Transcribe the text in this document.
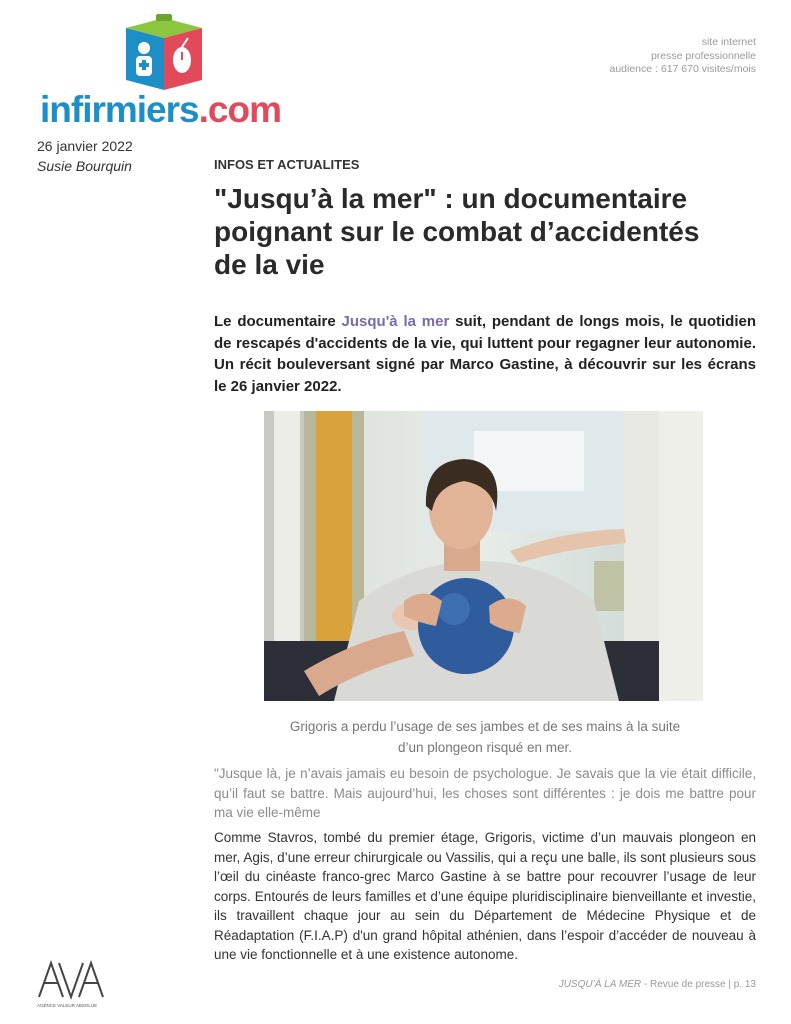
infirmiers.com
site internet
presse professionnelle
audience : 617 670 visites/mois
26 janvier 2022
Susie Bourquin	INFOS ET ACTUALITES
"Jusqu’à la mer" : un documentaire poignant sur le combat d’accidentés de la vie

Le documentaire Jusqu'à la mer suit, pendant de longs mois, le quotidien de rescapés d'accidents de la vie, qui luttent pour regagner leur autonomie. Un récit bouleversant signé par Marco Gastine, à découvrir sur les écrans le 26 janvier 2022.

Grigoris a perdu l’usage de ses jambes et de ses mains à la suite
d’un plongeon risqué en mer.

"Jusque là, je n’avais jamais eu besoin de psychologue. Je savais que la vie était difficile, qu’il faut se battre. Mais aujourd’hui, les choses sont différentes : je dois me battre pour ma vie elle-même

Comme Stavros, tombé du premier étage, Grigoris, victime d’un mauvais plongeon en mer, Agis, d’une erreur chirurgicale ou Vassilis, qui a reçu une balle, ils sont plusieurs sous l’œil du cinéaste franco-grec Marco Gastine à se battre pour recouvrer l’usage de leur corps. Entourés de leurs familles et d’une équipe pluridisciplinaire bienveillante et investie, ils travaillent chaque jour au sein du Département de Médecine Physique et de Réadaptation (F.I.A.P) d'un grand hôpital athénien, dans l’espoir d’accéder de nouveau à une vie fonctionnelle et à une existence autonome.

AGENCE VALEUR ABSOLUE
JUSQU’À LA MER - Revue de presse | p. 13
